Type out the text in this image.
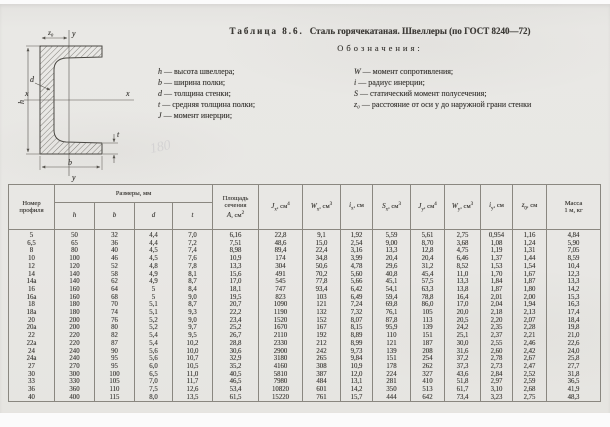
y
y
x	x
z₀
h
b
d
t
180
Таблица 8.6. Сталь горячекатаная. Швеллеры (по ГОСТ 8240—72)
Обозначения:
h — высота швеллера;
b — ширина полки;
d — толщина стенки;
t — средняя толщина полки;
J — момент инерции;
W — момент сопротивления;
i — радиус инерции;
S — статический момент полусечения;
z₀ — расстояние от оси y до наружной грани стенки
Номер
профиля	Размеры, мм				Площадь
сечения
А, $см^2$	$J_x$, $см^4$	$W_x$, $см^3$	$i_x$, см	$S_x$, $см^3$	$J_y$, $см^4$	$W_y$, $см^3$	$i_y$, см	$z_0$, см	Масса
1 м, кг
	h	b	d	t										
5	50	32	4,4	7,0	6,16	22,8	9,1	1,92	5,59	5,61	2,75	0,954	1,16	4,84
6,5	65	36	4,4	7,2	7,51	48,6	15,0	2,54	9,00	8,70	3,68	1,08	1,24	5,90
8	80	40	4,5	7,4	8,98	89,4	22,4	3,16	13,3	12,8	4,75	1,19	1,31	7,05
10	100	46	4,5	7,6	10,9	174	34,8	3,99	20,4	20,4	6,46	1,37	1,44	8,59
12	120	52	4,8	7,8	13,3	304	50,6	4,78	29,6	31,2	8,52	1,53	1,54	10,4
14	140	58	4,9	8,1	15,6	491	70,2	5,60	40,8	45,4	11,0	1,70	1,67	12,3
14а	140	62	4,9	8,7	17,0	545	77,8	5,66	45,1	57,5	13,3	1,84	1,87	13,3
16	160	64	5	8,4	18,1	747	93,4	6,42	54,1	63,3	13,8	1,87	1,80	14,2
16а	160	68	5	9,0	19,5	823	103	6,49	59,4	78,8	16,4	2,01	2,00	15,3
18	180	70	5,1	8,7	20,7	1090	121	7,24	69,8	86,0	17,0	2,04	1,94	16,3
18а	180	74	5,1	9,3	22,2	1190	132	7,32	76,1	105	20,0	2,18	2,13	17,4
20	200	76	5,2	9,0	23,4	1520	152	8,07	87,8	113	20,5	2,20	2,07	18,4
20а	200	80	5,2	9,7	25,2	1670	167	8,15	95,9	139	24,2	2,35	2,28	19,8
22	220	82	5,4	9,5	26,7	2110	192	8,89	110	151	25,1	2,37	2,21	21,0
22а	220	87	5,4	10,2	28,8	2330	212	8,99	121	187	30,0	2,55	2,46	22,6
24	240	90	5,6	10,0	30,6	2900	242	9,73	139	208	31,6	2,60	2,42	24,0
24а	240	95	5,6	10,7	32,9	3180	265	9,84	151	254	37,2	2,78	2,67	25,8
27	270	95	6,0	10,5	35,2	4160	308	10,9	178	262	37,3	2,73	2,47	27,7
30	300	100	6,5	11,0	40,5	5810	387	12,0	224	327	43,6	2,84	2,52	31,8
33	330	105	7,0	11,7	46,5	7980	484	13,1	281	410	51,8	2,97	2,59	36,5
36	360	110	7,5	12,6	53,4	10820	601	14,2	350	513	61,7	3,10	2,68	41,9
40	400	115	8,0	13,5	61,5	15220	761	15,7	444	642	73,4	3,23	2,75	48,3
